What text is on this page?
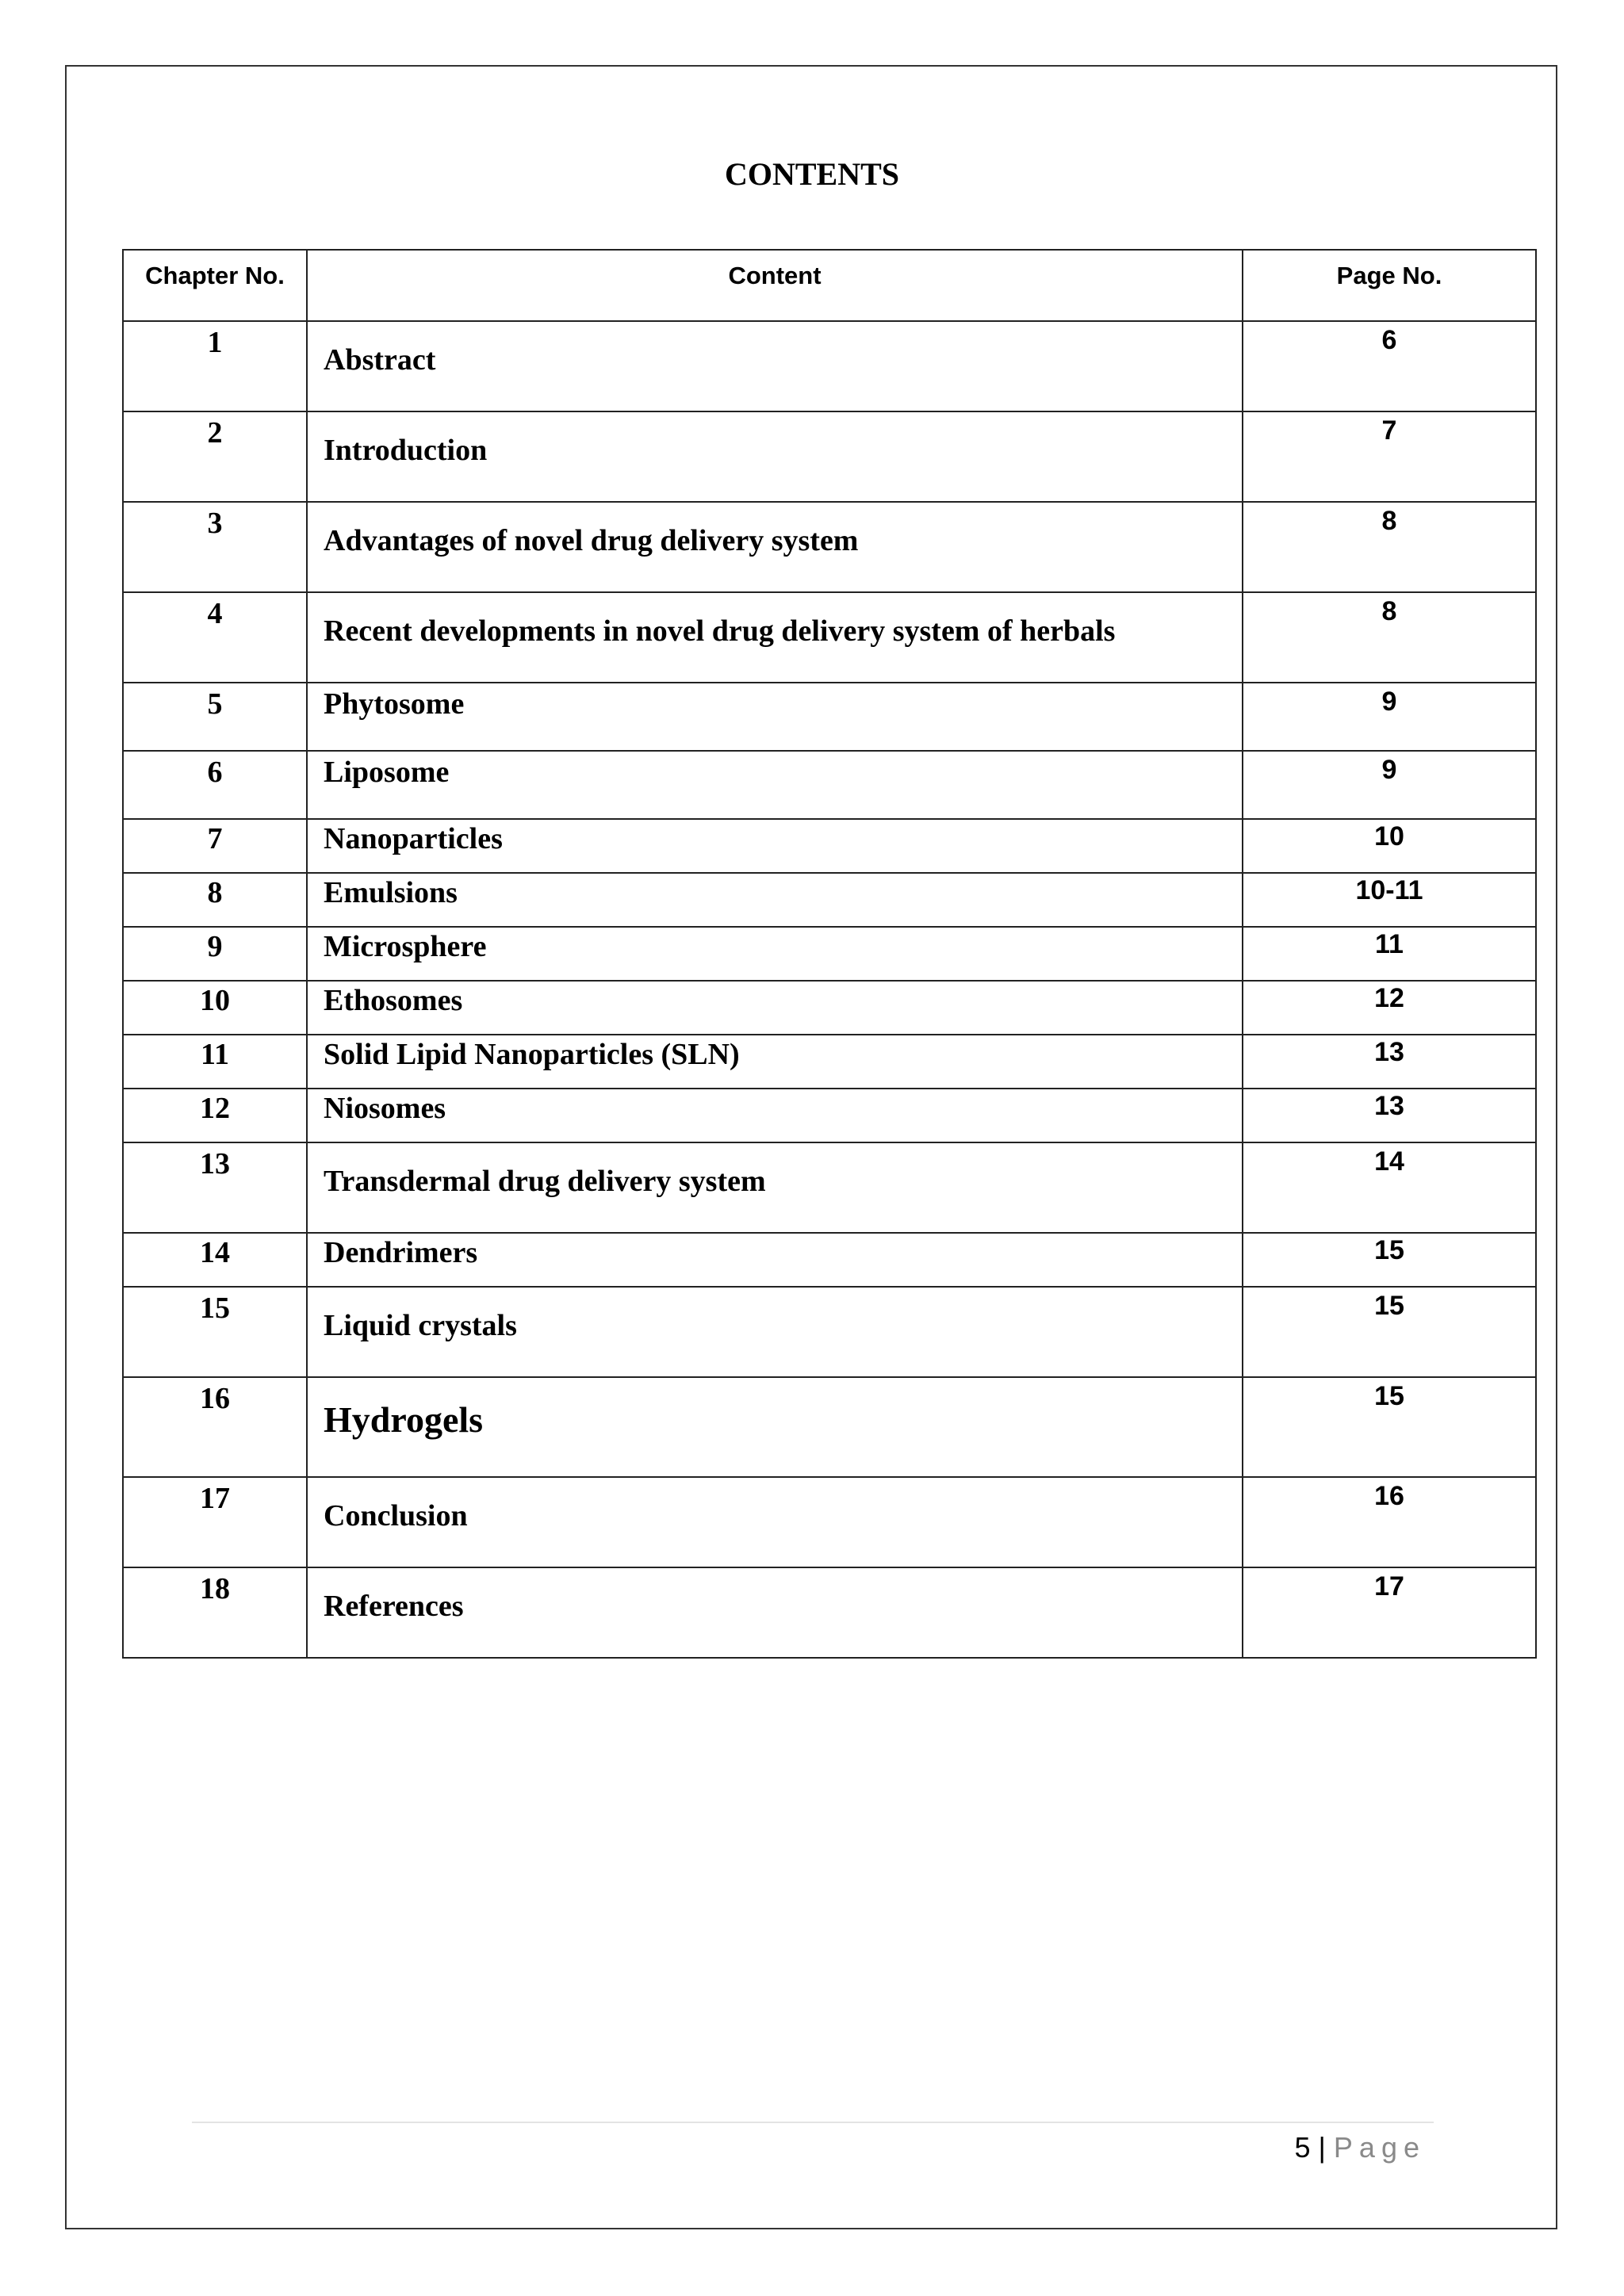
CONTENTS
Chapter No.	Content	Page No.

1	Abstract	6

2	Introduction	7

3	Advantages of novel drug delivery system	8

4	Recent developments in novel drug delivery system of herbals	8

5	Phytosome	9

6	Liposome	9

7	Nanoparticles	10

8	Emulsions	10-11

9	Microsphere	11

10	Ethosomes	12

11	Solid Lipid Nanoparticles (SLN)	13

12	Niosomes	13

13	Transdermal drug delivery system	14

14	Dendrimers	15

15	Liquid crystals	15

16	Hydrogels	15

17	Conclusion	16

18	References	17
5 | Page
